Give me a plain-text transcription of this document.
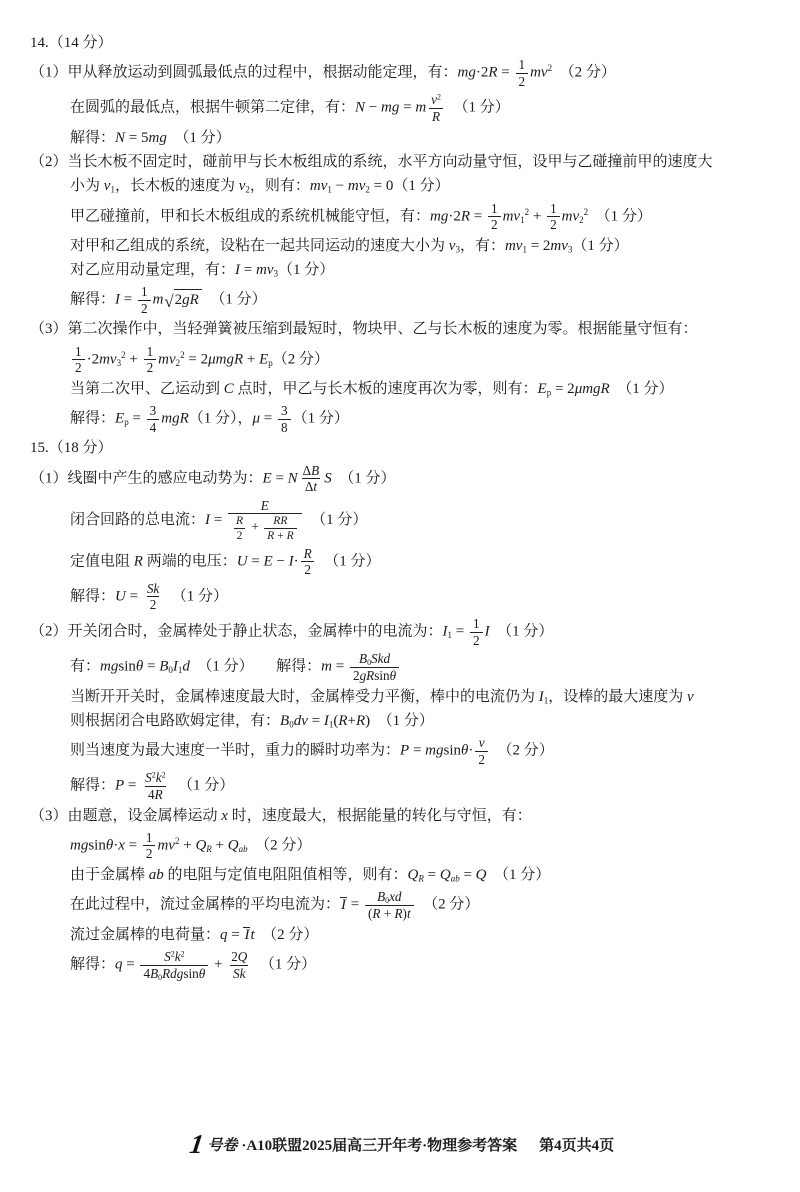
14.（14 分）
（1）甲从释放运动到圆弧最低点的过程中，根据动能定理，有：$mg\cdot 2R = \frac{1}{2} mv^2$　（2 分）
在圆弧的最低点，根据牛顿第二定律，有：N − mg = m $\frac{v^2}{R}$ 　（1 分）
解得：N = 5mg　（1 分）
（2）当长木板不固定时，碰前甲与长木板组成的系统，水平方向动量守恒，设甲与乙碰撞前甲的速度大
小为 $v_1$，长木板的速度为 $v_2$，则有：$mv_1 - mv_2 = 0(1$ 分）
甲乙碰撞前，甲和长木板组成的系统机械能守恒，有：$mg\cdot 2R = \frac{1}{2} mv_1^2 + \frac{1}{2} mv_2^2$　（1 分）
对甲和乙组成的系统，设粘在一起共同运动的速度大小为 $v_3$，有：$mv_1 = 2mv_3(1$ 分）
对乙应用动量定理，有：$I = mv_3(1$ 分）
解得：$I = \frac{1}{2}$ m √ 2gR 　（1 分）
（3）第二次操作中，当轻弹簧被压缩到最短时，物块甲、乙与长木板的速度为零。根据能量守恒有：
$\frac{1}{2} \cdot 2mv_3^2 + \frac{1}{2} mv_2^2 = 2\mu mgR + E_p(2$ 分）
当第二次甲、乙运动到 C 点时，甲乙与长木板的速度再次为零，则有：$E_p = 2\mu mgR$　（1 分）
解得：$E_p = \frac{3}{4} mgR(1$ 分），$\mu = \frac{3}{8} (1$ 分）
15.（18 分）
（1）线圈中产生的感应电动势为：E = N $\frac{\Delta B}{\Delta t}$ S　（1 分）
闭合回路的总电流：$I = \frac{E}{\frac{R}{2} + \frac{RR}{R + R}}$ 　（1 分）
定值电阻 R 两端的电压：$U = E - I\cdot \frac{R}{2}$ 　（1 分）
解得：$U = \frac{Sk}{2}$ 　（1 分）
（2）开关闭合时，金属棒处于静止状态，金属棒中的电流为：$I_1 = \frac{1}{2}$ I　（1 分）
有：$mgsin\theta = B_0I_1d$　（1 分）　　解得：$m = \frac{B_0Skd}{2gRsin\theta}$
当断开开关时，金属棒速度最大时，金属棒受力平衡，棒中的电流仍为 $I_1$，设棒的最大速度为 v
则根据闭合电路欧姆定律，有：$B_0dv = I_1(R+R)$　（1 分）
则当速度为最大速度一半时，重力的瞬时功率为：$P = mgsin\theta\cdot \frac{v}{2}$ 　（2 分）
解得：$P = \frac{S^2k^2}{4R}$ 　（1 分）
（3）由题意，设金属棒运动 x 时，速度最大，根据能量的转化与守恒，有：
$mgsin\theta\cdot x = \frac{1}{2} mv^2 + Q_R + Q_{ab}$　（2 分）
由于金属棒 ab 的电阻与定值电阻阻值相等，则有：$Q_R = Q_{ab} = Q$　（1 分）
在此过程中，流过金属棒的平均电流为：$I = \frac{B_0xd}{(R + R)t}$ 　（2 分）
流过金属棒的电荷量：q = It　（2 分）
解得：$q = \frac{S^2k^2}{4B_0Rdgsin\theta} + \frac{2Q}{Sk}$ 　（1 分）
1 号卷 ·A10联盟2025届高三开年考·物理参考答案 第4页共4页
